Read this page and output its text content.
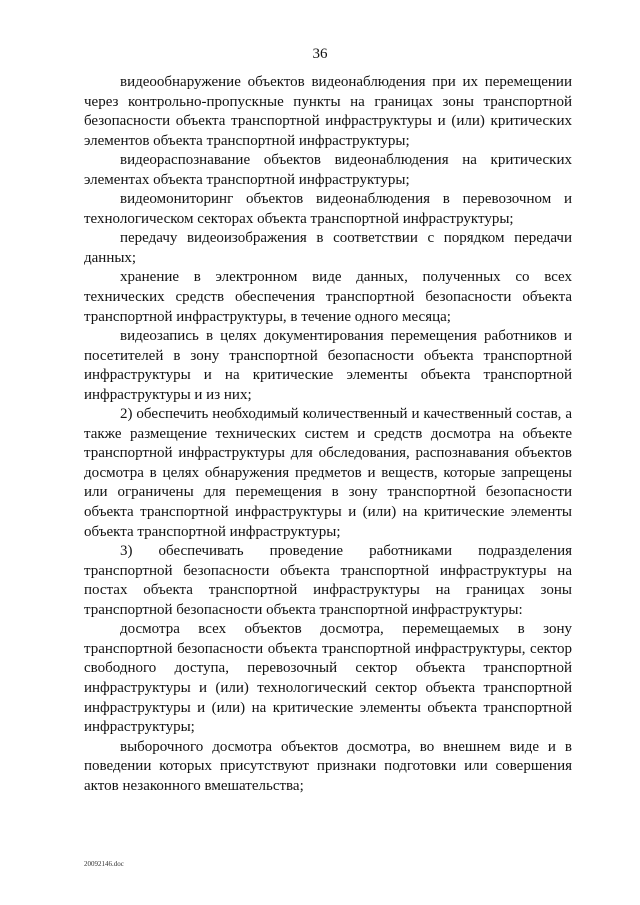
36

видеообнаружение объектов видеонаблюдения при их перемещении через контрольно-пропускные пункты на границах зоны транспортной безопасности объекта транспортной инфраструктуры и (или) критических элементов объекта транспортной инфраструктуры;

видеораспознавание объектов видеонаблюдения на критических элементах объекта транспортной инфраструктуры;

видеомониторинг объектов видеонаблюдения в перевозочном и технологическом секторах объекта транспортной инфраструктуры;

передачу видеоизображения в соответствии с порядком передачи данных;

хранение в электронном виде данных, полученных со всех технических средств обеспечения транспортной безопасности объекта транспортной инфраструктуры, в течение одного месяца;

видеозапись в целях документирования перемещения работников и посетителей в зону транспортной безопасности объекта транспортной инфраструктуры и на критические элементы объекта транспортной инфраструктуры и из них;

2) обеспечить необходимый количественный и качественный состав, а также размещение технических систем и средств досмотра на объекте транспортной инфраструктуры для обследования, распознавания объектов досмотра в целях обнаружения предметов и веществ, которые запрещены или ограничены для перемещения в зону транспортной безопасности объекта транспортной инфраструктуры и (или) на критические элементы объекта транспортной инфраструктуры;

3) обеспечивать проведение работниками подразделения транспортной безопасности объекта транспортной инфраструктуры на постах объекта транспортной инфраструктуры на границах зоны транспортной безопасности объекта транспортной инфраструктуры:

досмотра всех объектов досмотра, перемещаемых в зону транспортной безопасности объекта транспортной инфраструктуры, сектор свободного доступа, перевозочный сектор объекта транспортной инфраструктуры и (или) технологический сектор объекта транспортной инфраструктуры и (или) на критические элементы объекта транспортной инфраструктуры;

выборочного досмотра объектов досмотра, во внешнем виде и в поведении которых присутствуют признаки подготовки или совершения актов незаконного вмешательства;

20092146.doc
